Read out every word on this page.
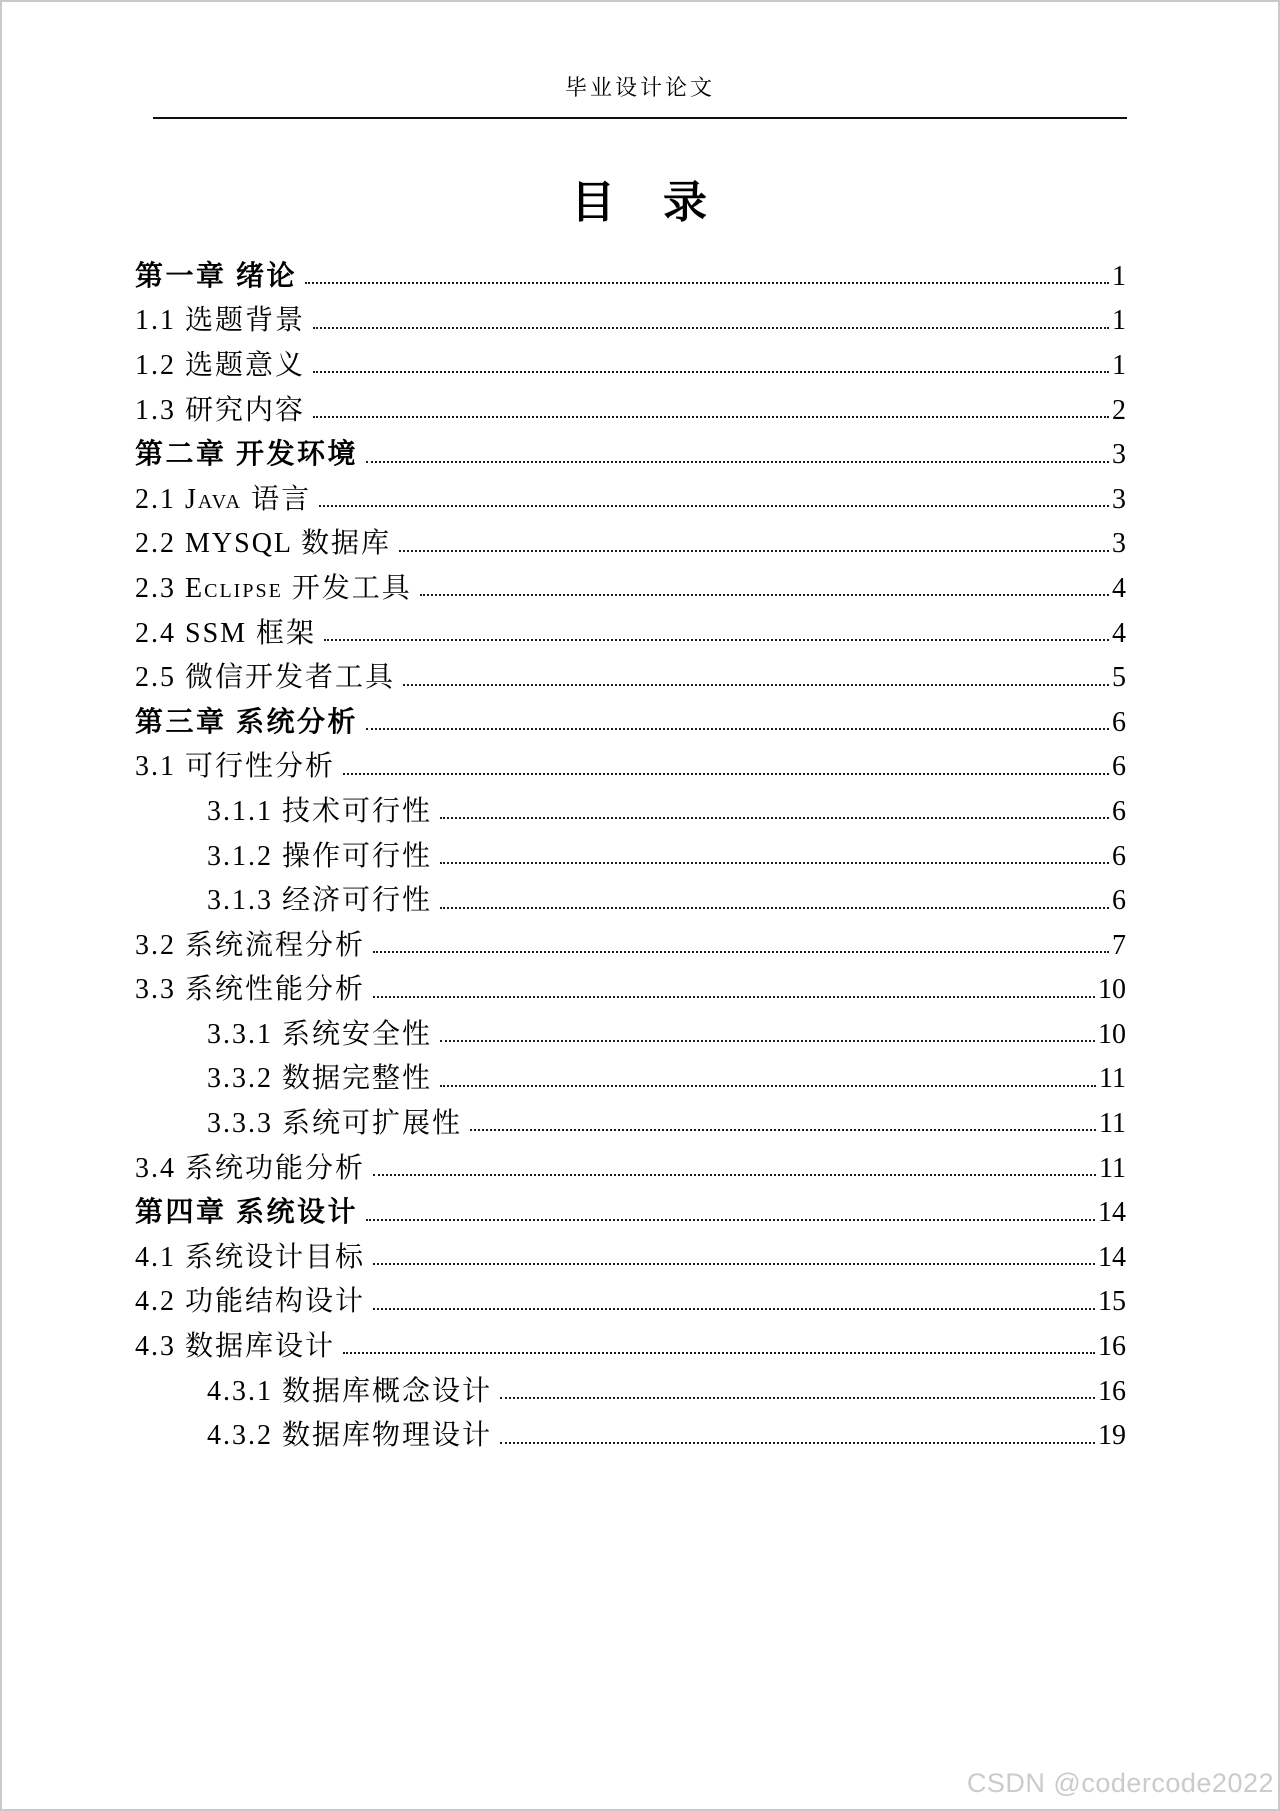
毕业设计论文
目　录
第一章 绪论	1
1.1 选题背景	1
1.2 选题意义	1
1.3 研究内容	2
第二章 开发环境	3
2.1 Java 语言	3
2.2 MYSQL 数据库	3
2.3 Eclipse 开发工具	4
2.4 SSM 框架	4
2.5 微信开发者工具	5
第三章 系统分析	6
3.1 可行性分析	6
3.1.1 技术可行性	6
3.1.2 操作可行性	6
3.1.3 经济可行性	6
3.2 系统流程分析	7
3.3 系统性能分析	10
3.3.1 系统安全性	10
3.3.2 数据完整性	11
3.3.3 系统可扩展性	11
3.4 系统功能分析	11
第四章 系统设计	14
4.1 系统设计目标	14
4.2 功能结构设计	15
4.3 数据库设计	16
4.3.1 数据库概念设计	16
4.3.2 数据库物理设计	19
CSDN @codercode2022
